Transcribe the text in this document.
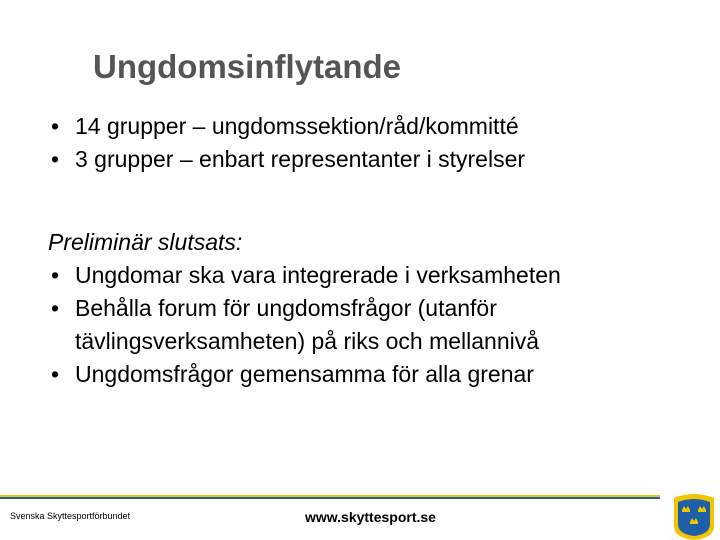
Ungdomsinflytande
• 14 grupper – ungdomssektion/råd/kommitté
• 3 grupper – enbart representanter i styrelser
Preliminär slutsats:
• Ungdomar ska vara integrerade i verksamheten
• Behålla forum för ungdomsfrågor (utanför tävlingsverksamheten) på riks och mellannivå
• Ungdomsfrågor gemensamma för alla grenar
Svenska Skyttesportförbundet	www.skyttesport.se
